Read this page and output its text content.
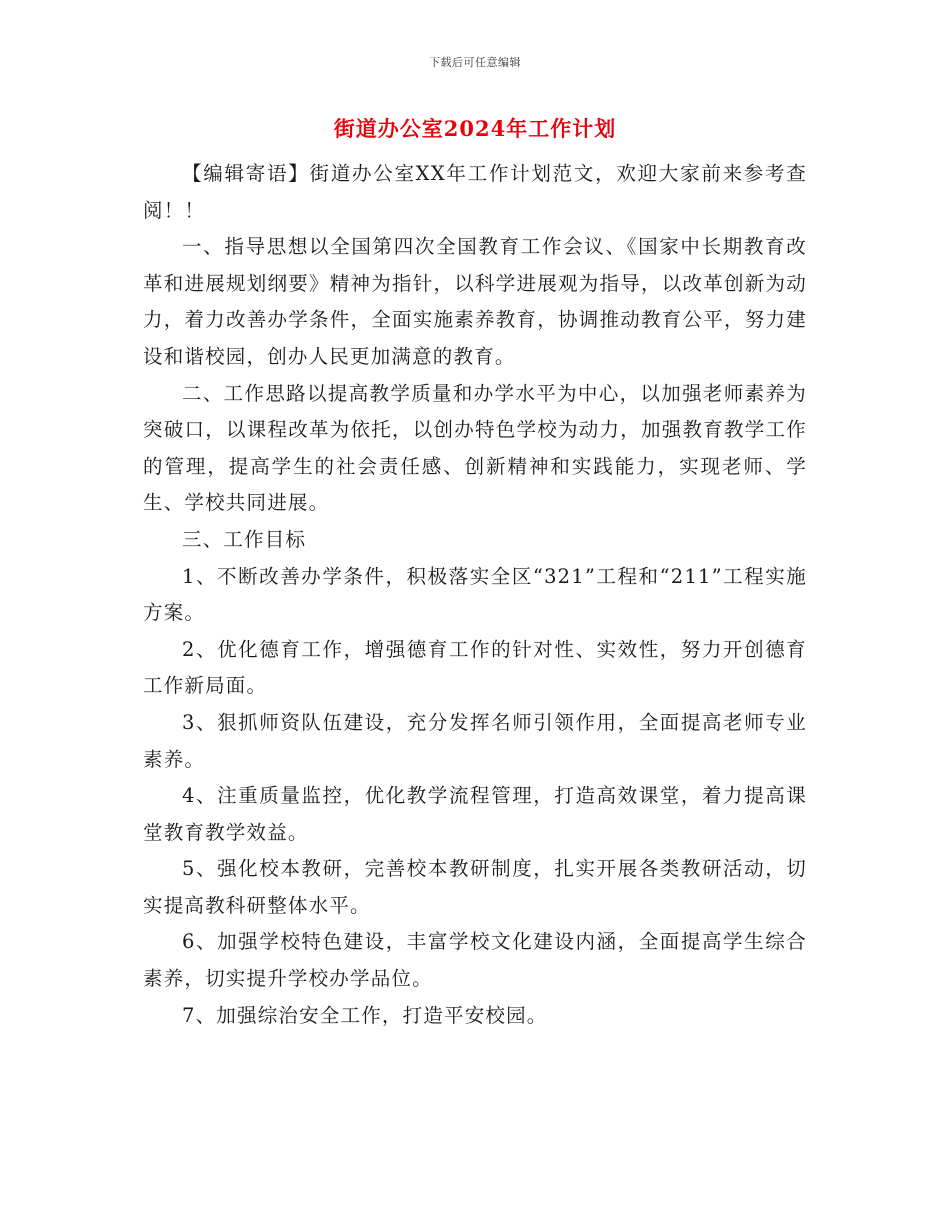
下载后可任意编辑
街道办公室2024年工作计划

【编辑寄语】街道办公室XX年工作计划范文，欢迎大家前来参考查阅！！

一、指导思想以全国第四次全国教育工作会议、《国家中长期教育改革和进展规划纲要》精神为指针，以科学进展观为指导，以改革创新为动力，着力改善办学条件，全面实施素养教育，协调推动教育公平，努力建设和谐校园，创办人民更加满意的教育。

二、工作思路以提高教学质量和办学水平为中心，以加强老师素养为突破口，以课程改革为依托，以创办特色学校为动力，加强教育教学工作的管理，提高学生的社会责任感、创新精神和实践能力，实现老师、学生、学校共同进展。

三、工作目标

1、不断改善办学条件，积极落实全区“321”工程和“211”工程实施方案。

2、优化德育工作，增强德育工作的针对性、实效性，努力开创德育工作新局面。

3、狠抓师资队伍建设，充分发挥名师引领作用，全面提高老师专业素养。

4、注重质量监控，优化教学流程管理，打造高效课堂，着力提高课堂教育教学效益。

5、强化校本教研，完善校本教研制度，扎实开展各类教研活动，切实提高教科研整体水平。

6、加强学校特色建设，丰富学校文化建设内涵，全面提高学生综合素养，切实提升学校办学品位。

7、加强综治安全工作，打造平安校园。
